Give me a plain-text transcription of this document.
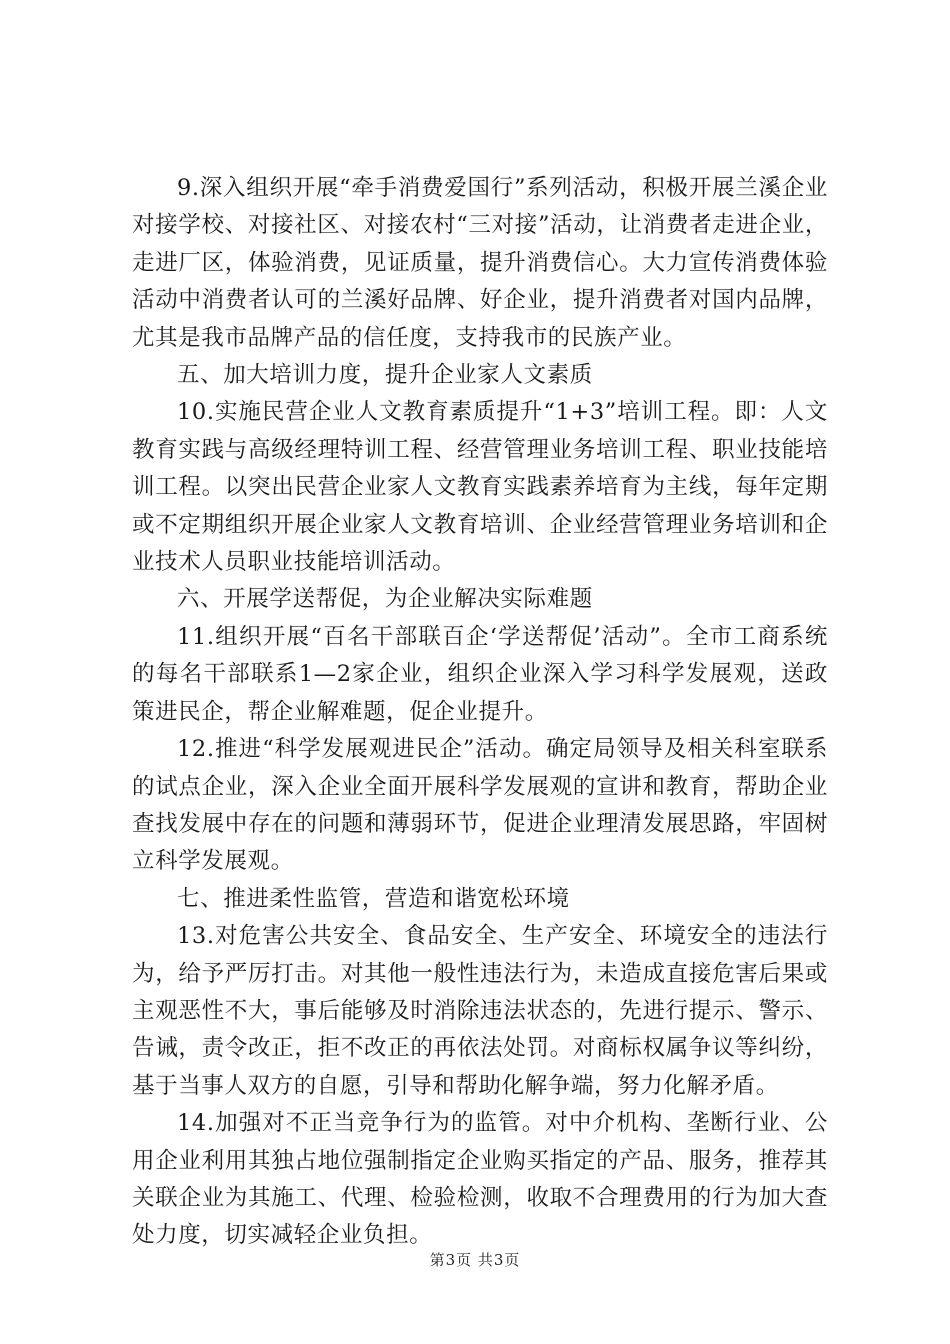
9.深入组织开展“牵手消费爱国行”系列活动，积极开展兰溪企业对接学校、对接社区、对接农村“三对接”活动，让消费者走进企业，走进厂区，体验消费，见证质量，提升消费信心。大力宣传消费体验活动中消费者认可的兰溪好品牌、好企业，提升消费者对国内品牌，尤其是我市品牌产品的信任度，支持我市的民族产业。

五、加大培训力度，提升企业家人文素质

10.实施民营企业人文教育素质提升“1+3”培训工程。即：人文教育实践与高级经理特训工程、经营管理业务培训工程、职业技能培训工程。以突出民营企业家人文教育实践素养培育为主线，每年定期或不定期组织开展企业家人文教育培训、企业经营管理业务培训和企业技术人员职业技能培训活动。

六、开展学送帮促，为企业解决实际难题

11.组织开展“百名干部联百企‘学送帮促’活动”。全市工商系统的每名干部联系1—2家企业，组织企业深入学习科学发展观，送政策进民企，帮企业解难题，促企业提升。

12.推进“科学发展观进民企”活动。确定局领导及相关科室联系的试点企业，深入企业全面开展科学发展观的宣讲和教育，帮助企业查找发展中存在的问题和薄弱环节，促进企业理清发展思路，牢固树立科学发展观。

七、推进柔性监管，营造和谐宽松环境

13.对危害公共安全、食品安全、生产安全、环境安全的违法行为，给予严厉打击。对其他一般性违法行为，未造成直接危害后果或主观恶性不大，事后能够及时消除违法状态的，先进行提示、警示、告诫，责令改正，拒不改正的再依法处罚。对商标权属争议等纠纷，基于当事人双方的自愿，引导和帮助化解争端，努力化解矛盾。

14.加强对不正当竞争行为的监管。对中介机构、垄断行业、公用企业利用其独占地位强制指定企业购买指定的产品、服务，推荐其关联企业为其施工、代理、检验检测，收取不合理费用的行为加大查处力度，切实减轻企业负担。

第3页 共3页
